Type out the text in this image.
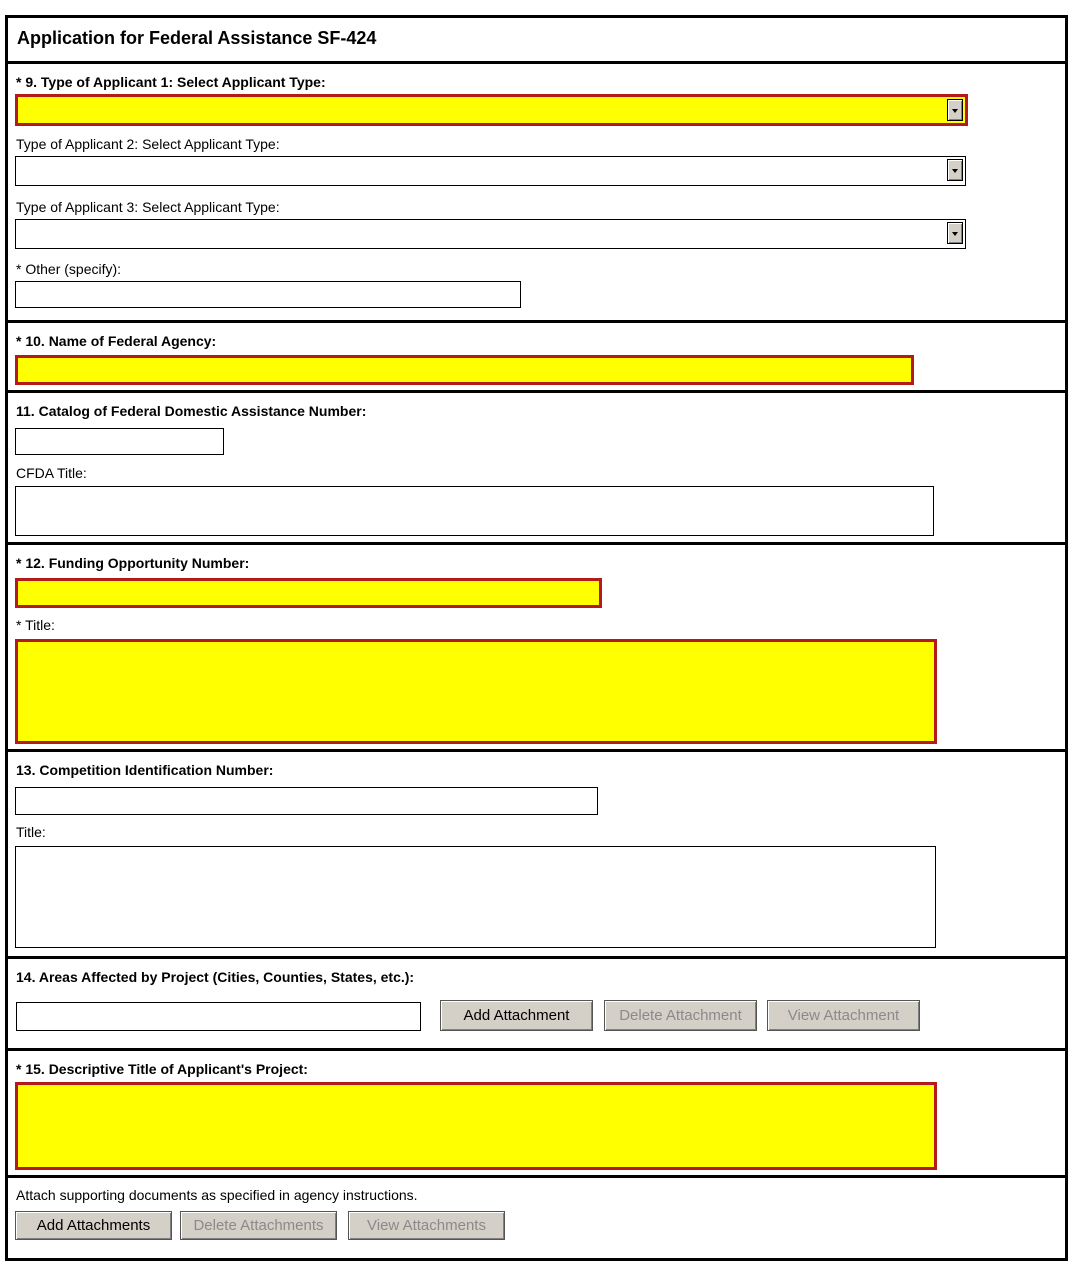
Application for Federal Assistance SF-424
* 9. Type of Applicant 1: Select Applicant Type:
Type of Applicant 2: Select Applicant Type:
Type of Applicant 3: Select Applicant Type:
* Other (specify):
* 10. Name of Federal Agency:
11. Catalog of Federal Domestic Assistance Number:
CFDA Title:
* 12. Funding Opportunity Number:
* Title:
13. Competition Identification Number:
Title:
14. Areas Affected by Project (Cities, Counties, States, etc.):
Add Attachment	Delete Attachment	View Attachment
* 15. Descriptive Title of Applicant's Project:
Attach supporting documents as specified in agency instructions.
Add Attachments	Delete Attachments	View Attachments
